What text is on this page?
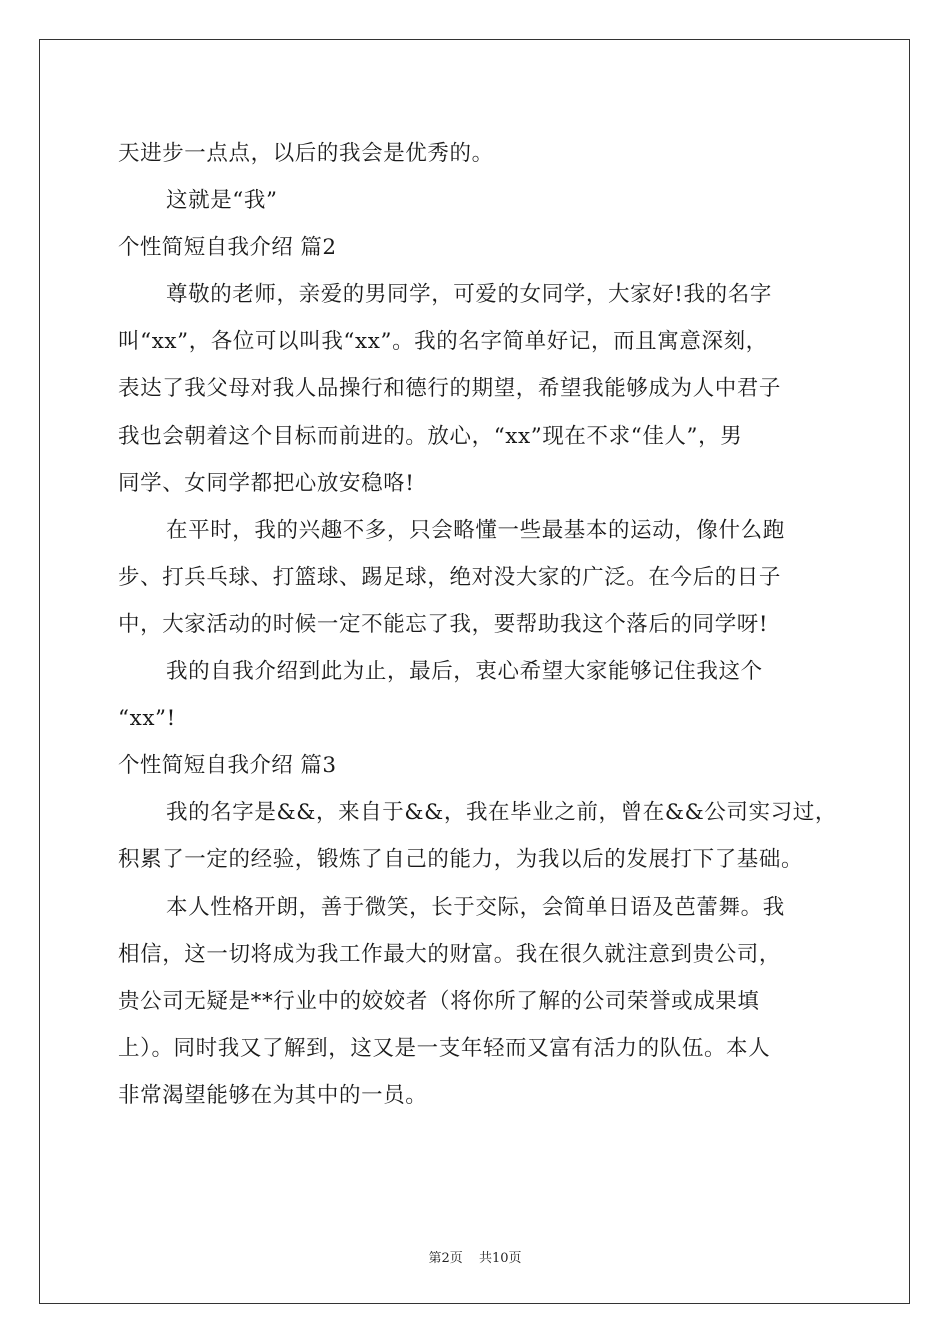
天进步一点点，以后的我会是优秀的。
这就是“我”
个性简短自我介绍 篇2
尊敬的老师，亲爱的男同学，可爱的女同学，大家好!我的名字
叫“xx”，各位可以叫我“xx”。我的名字简单好记，而且寓意深刻，
表达了我父母对我人品操行和德行的期望，希望我能够成为人中君子
我也会朝着这个目标而前进的。放心，“xx”现在不求“佳人”，男
同学、女同学都把心放安稳咯!
在平时，我的兴趣不多，只会略懂一些最基本的运动，像什么跑
步、打兵乓球、打篮球、踢足球，绝对没大家的广泛。在今后的日子
中，大家活动的时候一定不能忘了我，要帮助我这个落后的同学呀!
我的自我介绍到此为止，最后，衷心希望大家能够记住我这个
“xx”!
个性简短自我介绍 篇3
我的名字是&&，来自于&&，我在毕业之前，曾在&&公司实习过，
积累了一定的经验，锻炼了自己的能力，为我以后的发展打下了基础。
本人性格开朗，善于微笑，长于交际，会简单日语及芭蕾舞。我
相信，这一切将成为我工作最大的财富。我在很久就注意到贵公司，
贵公司无疑是**行业中的姣姣者（将你所了解的公司荣誉或成果填
上）。同时我又了解到，这又是一支年轻而又富有活力的队伍。本人
非常渴望能够在为其中的一员。
第2页 共10页
